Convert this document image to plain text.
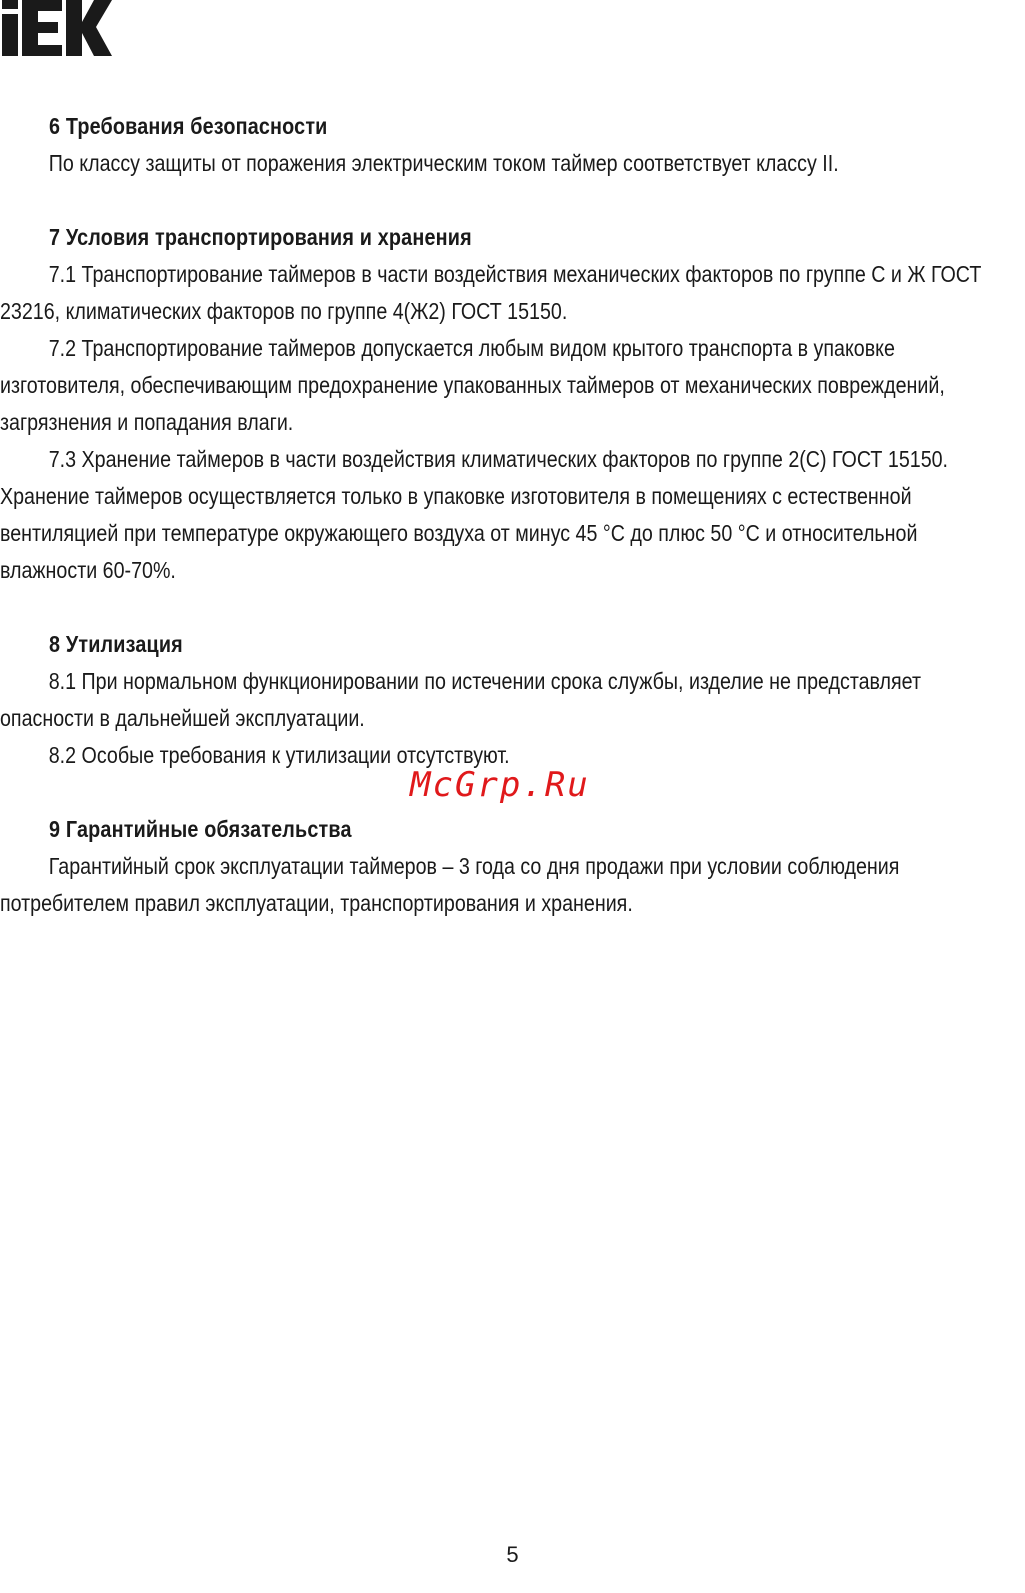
6 Требования безопасности

По классу защиты от поражения электрическим током таймер соответствует классу II.

7 Условия транспортирования и хранения

7.1 Транспортирование таймеров в части воздействия механических факторов по группе С и Ж ГОСТ 23216, климатических факторов по группе 4(Ж2) ГОСТ 15150.

7.2 Транспортирование таймеров допускается любым видом крытого транспорта в упаковке изготовителя, обеспечивающим предохранение упакованных таймеров от механических повреждений, загрязнения и попадания влаги.

7.3 Хранение таймеров в части воздействия климатических факторов по группе 2(С) ГОСТ 15150. Хранение таймеров осуществляется только в упаковке изготовителя в помещениях с естественной вентиляцией при температуре окружающего воздуха от минус 45 °С до плюс 50 °С и относительной влажности 60-70%.

8 Утилизация

8.1 При нормальном функционировании по истечении срока службы, изделие не представляет опасности в дальнейшей эксплуатации.

8.2 Особые требования к утилизации отсутствуют.

9 Гарантийные обязательства

Гарантийный срок эксплуатации таймеров – 3 года со дня продажи при условии соблюдения потребителем правил эксплуатации, транспортирования и хранения.

McGrp.Ru
5
